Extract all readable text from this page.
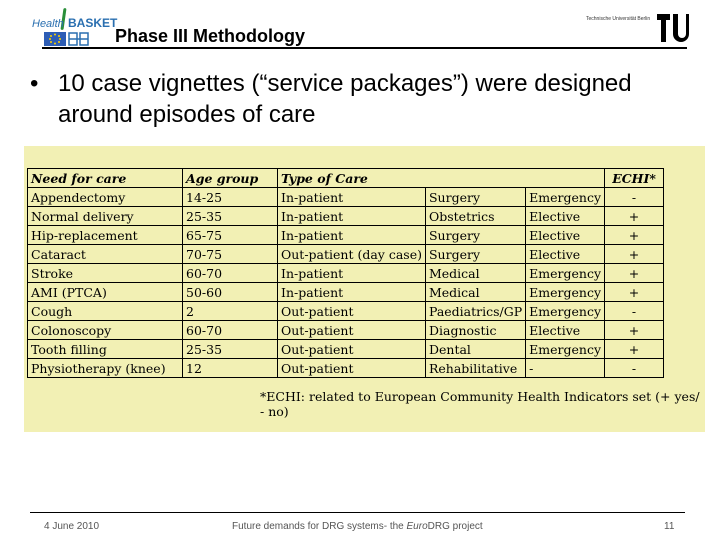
Health BASKET
Phase III Methodology
Technische Universität Berlin
• 10 case vignettes (“service packages”) were designed around episodes of care
Need for care	Age group	Type of Care			ECHI*
Appendectomy	14-25	In-patient	Surgery	Emergency	-
Normal delivery	25-35	In-patient	Obstetrics	Elective	+
Hip-replacement	65-75	In-patient	Surgery	Elective	+
Cataract	70-75	Out-patient (day case)	Surgery	Elective	+
Stroke	60-70	In-patient	Medical	Emergency	+
AMI (PTCA)	50-60	In-patient	Medical	Emergency	+
Cough	2	Out-patient	Paediatrics/GP	Emergency	-
Colonoscopy	60-70	Out-patient	Diagnostic	Elective	+
Tooth filling	25-35	Out-patient	Dental	Emergency	+
Physiotherapy (knee)	12	Out-patient	Rehabilitative	-	-
*ECHI: related to European Community Health Indicators set (+ yes/ - no)
4 June 2010	Future demands for DRG systems- the EuroDRG project	11
